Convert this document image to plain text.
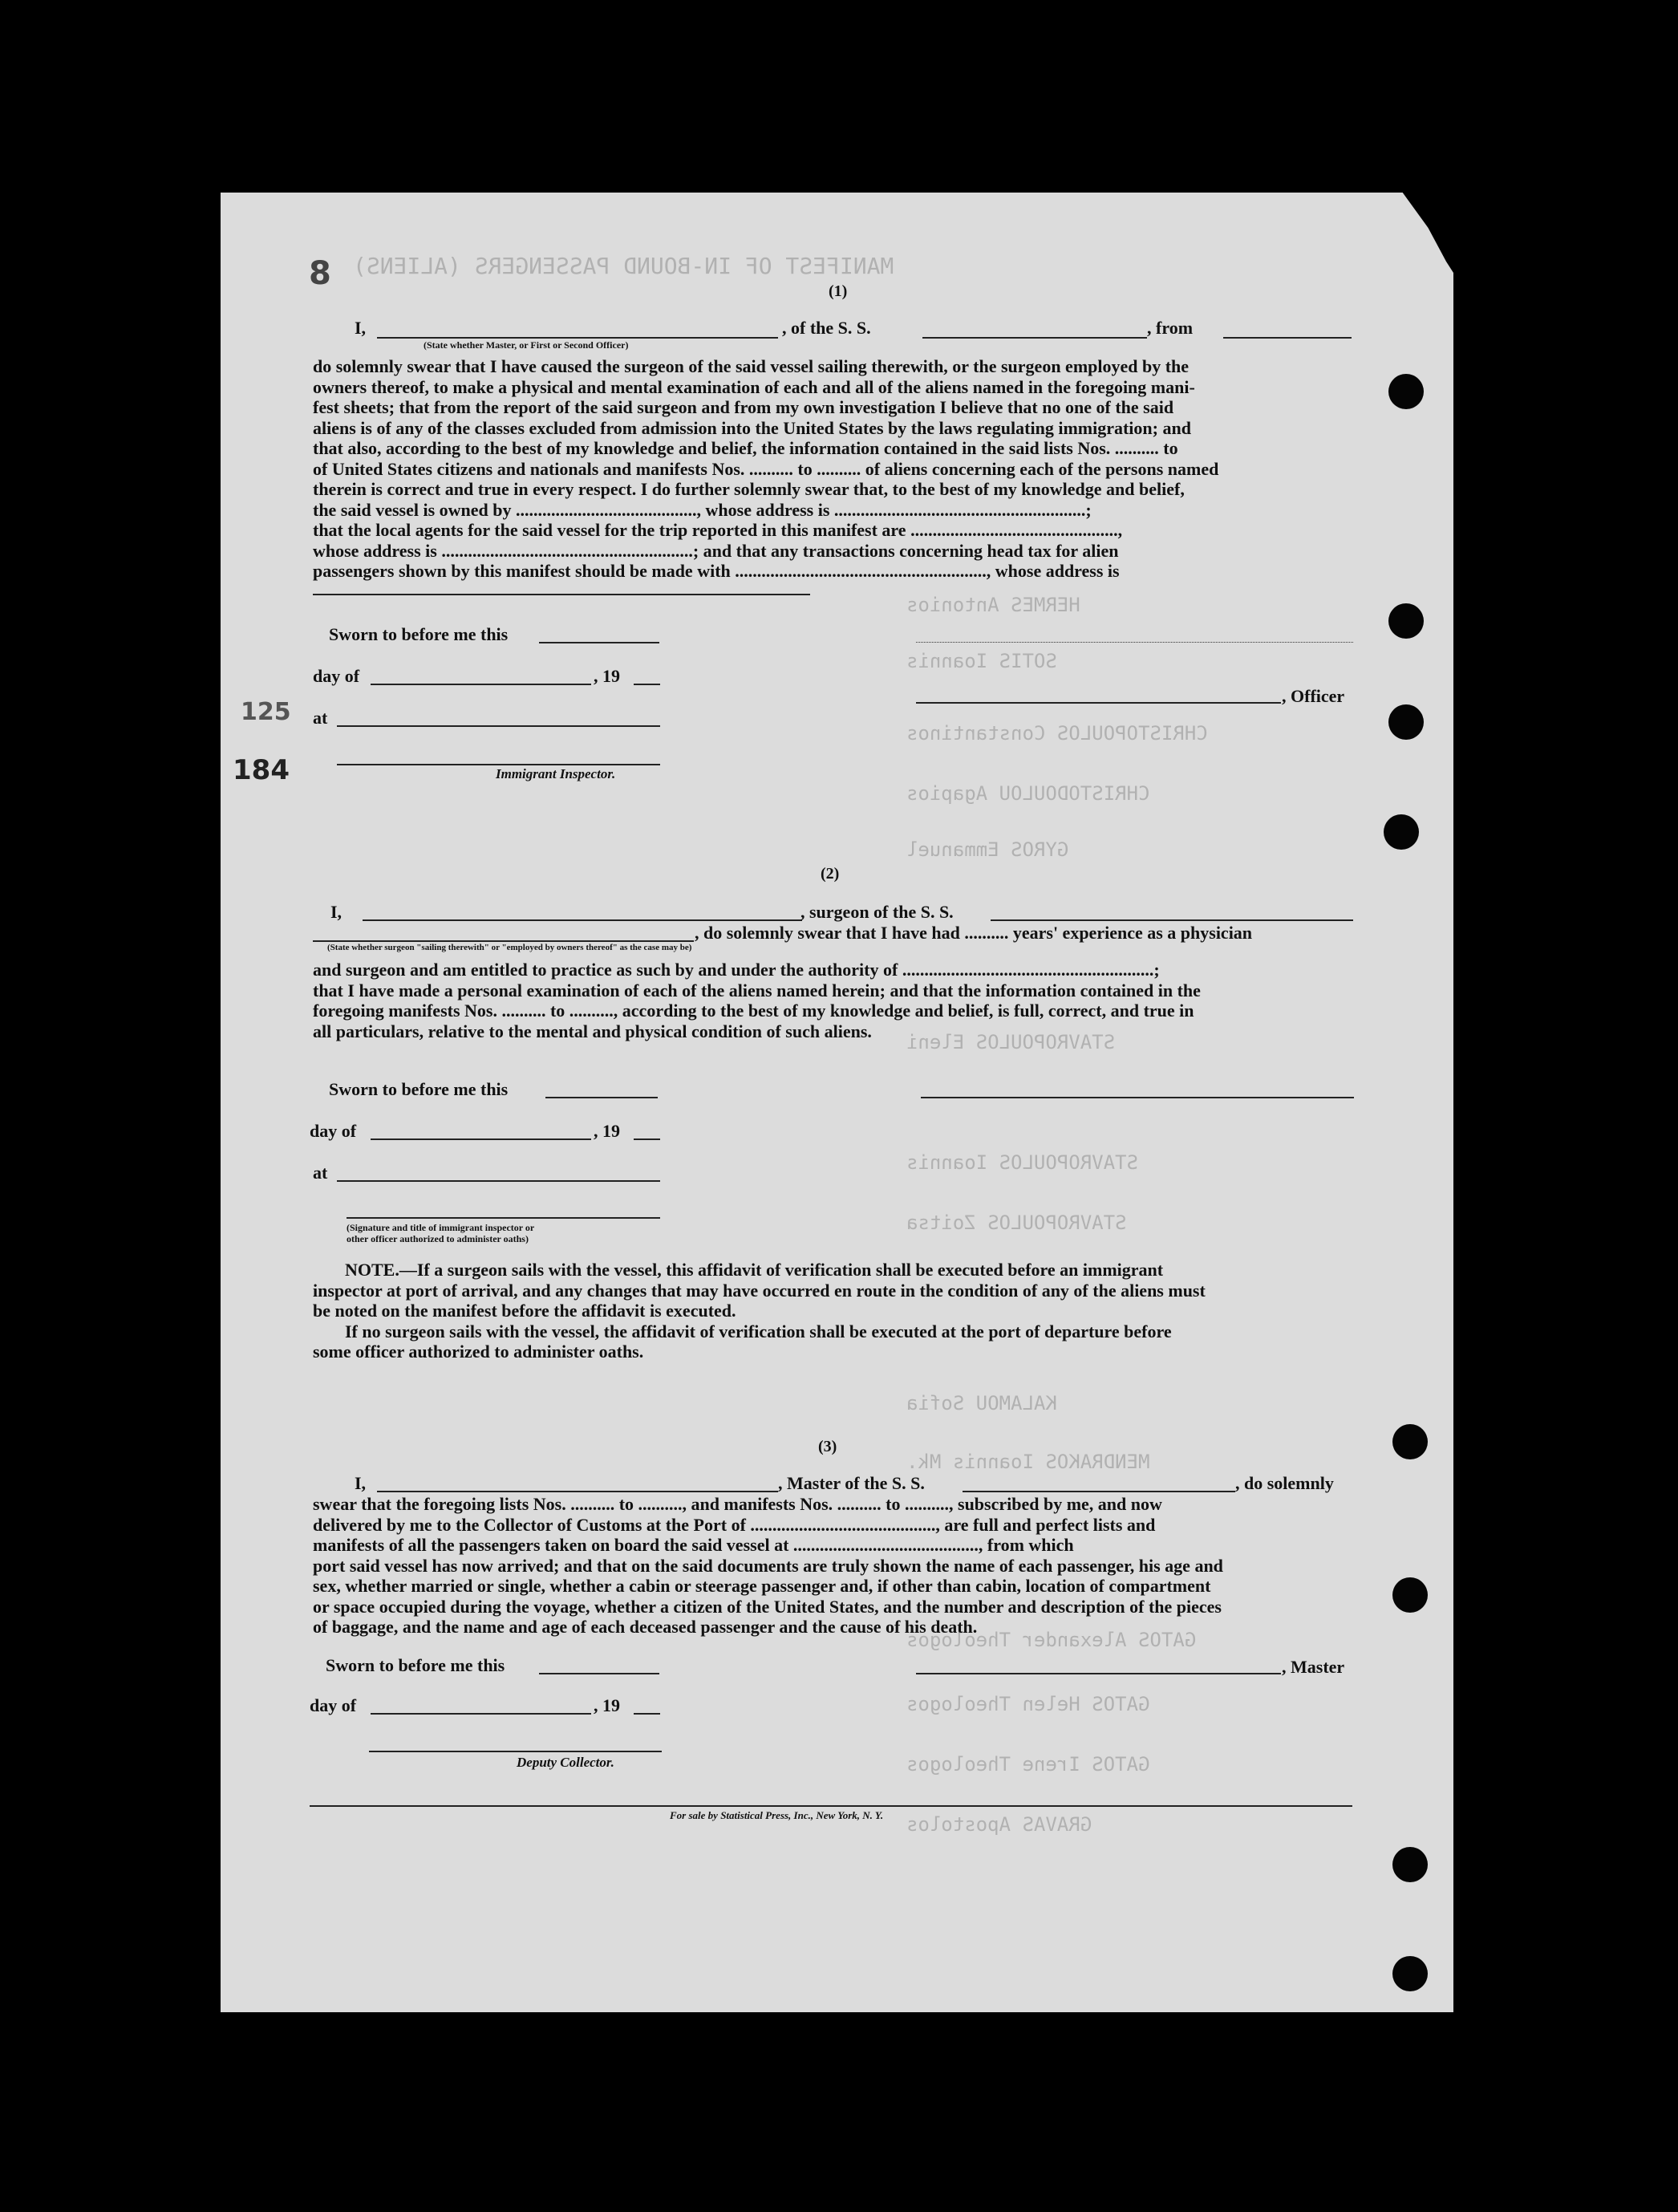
MANIFEST OF IN-BOUND PASSENGERS (ALIENS)
HERMES Antonios
SOTIS Ioannis
CHRISTOPOULOS Constantinos
CHRISTODOULOU Agapios
GYROS Emmanuel
STAVROPOULOS Eleni
STAVROPOULOS Ioannis
STAVROPOULOS Zoitsa
KALAMOU Sofia
MENDRAKOS Ioannis Mk.
GATOS Alexander Theologos
GATOS Helen Theologos
GATOS Irene Theologos
GRAVAS Apostolos
8
125
184
(1)
I,	, of the S. S.	, from
(State whether Master, or First or Second Officer)
do solemnly swear that I have caused the surgeon of the said vessel sailing therewith, or the surgeon employed by the
owners thereof, to make a physical and mental examination of each and all of the aliens named in the foregoing mani-
fest sheets; that from the report of the said surgeon and from my own investigation I believe that no one of the said
aliens is of any of the classes excluded from admission into the United States by the laws regulating immigration; and
that also, according to the best of my knowledge and belief, the information contained in the said lists Nos. .......... to
of United States citizens and nationals and manifests Nos. .......... to .......... of aliens concerning each of the persons named
therein is correct and true in every respect. I do further solemnly swear that, to the best of my knowledge and belief,
the said vessel is owned by ........................................., whose address is .........................................................;
that the local agents for the said vessel for the trip reported in this manifest are ...............................................,
whose address is .........................................................; and that any transactions concerning head tax for alien
passengers shown by this manifest should be made with ........................................................., whose address is
Sworn to before me this
day of	, 19
, Officer
at
Immigrant Inspector.
(2)
I,	, surgeon of the S. S.
, do solemnly swear that I have had .......... years' experience as a physician
(State whether surgeon "sailing therewith" or "employed by owners thereof" as the case may be)
and surgeon and am entitled to practice as such by and under the authority of .........................................................;
that I have made a personal examination of each of the aliens named herein; and that the information contained in the
foregoing manifests Nos. .......... to .........., according to the best of my knowledge and belief, is full, correct, and true in
all particulars, relative to the mental and physical condition of such aliens.
Sworn to before me this
day of	, 19
at
(Signature and title of immigrant inspector or
other officer authorized to administer oaths)
NOTE.—If a surgeon sails with the vessel, this affidavit of verification shall be executed before an immigrant
inspector at port of arrival, and any changes that may have occurred en route in the condition of any of the aliens must
be noted on the manifest before the affidavit is executed.
If no surgeon sails with the vessel, the affidavit of verification shall be executed at the port of departure before
some officer authorized to administer oaths.
(3)
I,	, Master of the S. S.	, do solemnly
swear that the foregoing lists Nos. .......... to .........., and manifests Nos. .......... to .........., subscribed by me, and now
delivered by me to the Collector of Customs at the Port of .........................................., are full and perfect lists and
manifests of all the passengers taken on board the said vessel at .........................................., from which
port said vessel has now arrived; and that on the said documents are truly shown the name of each passenger, his age and
sex, whether married or single, whether a cabin or steerage passenger and, if other than cabin, location of compartment
or space occupied during the voyage, whether a citizen of the United States, and the number and description of the pieces
of baggage, and the name and age of each deceased passenger and the cause of his death.
Sworn to before me this	, Master
day of	, 19
Deputy Collector.
For sale by Statistical Press, Inc., New York, N. Y.
